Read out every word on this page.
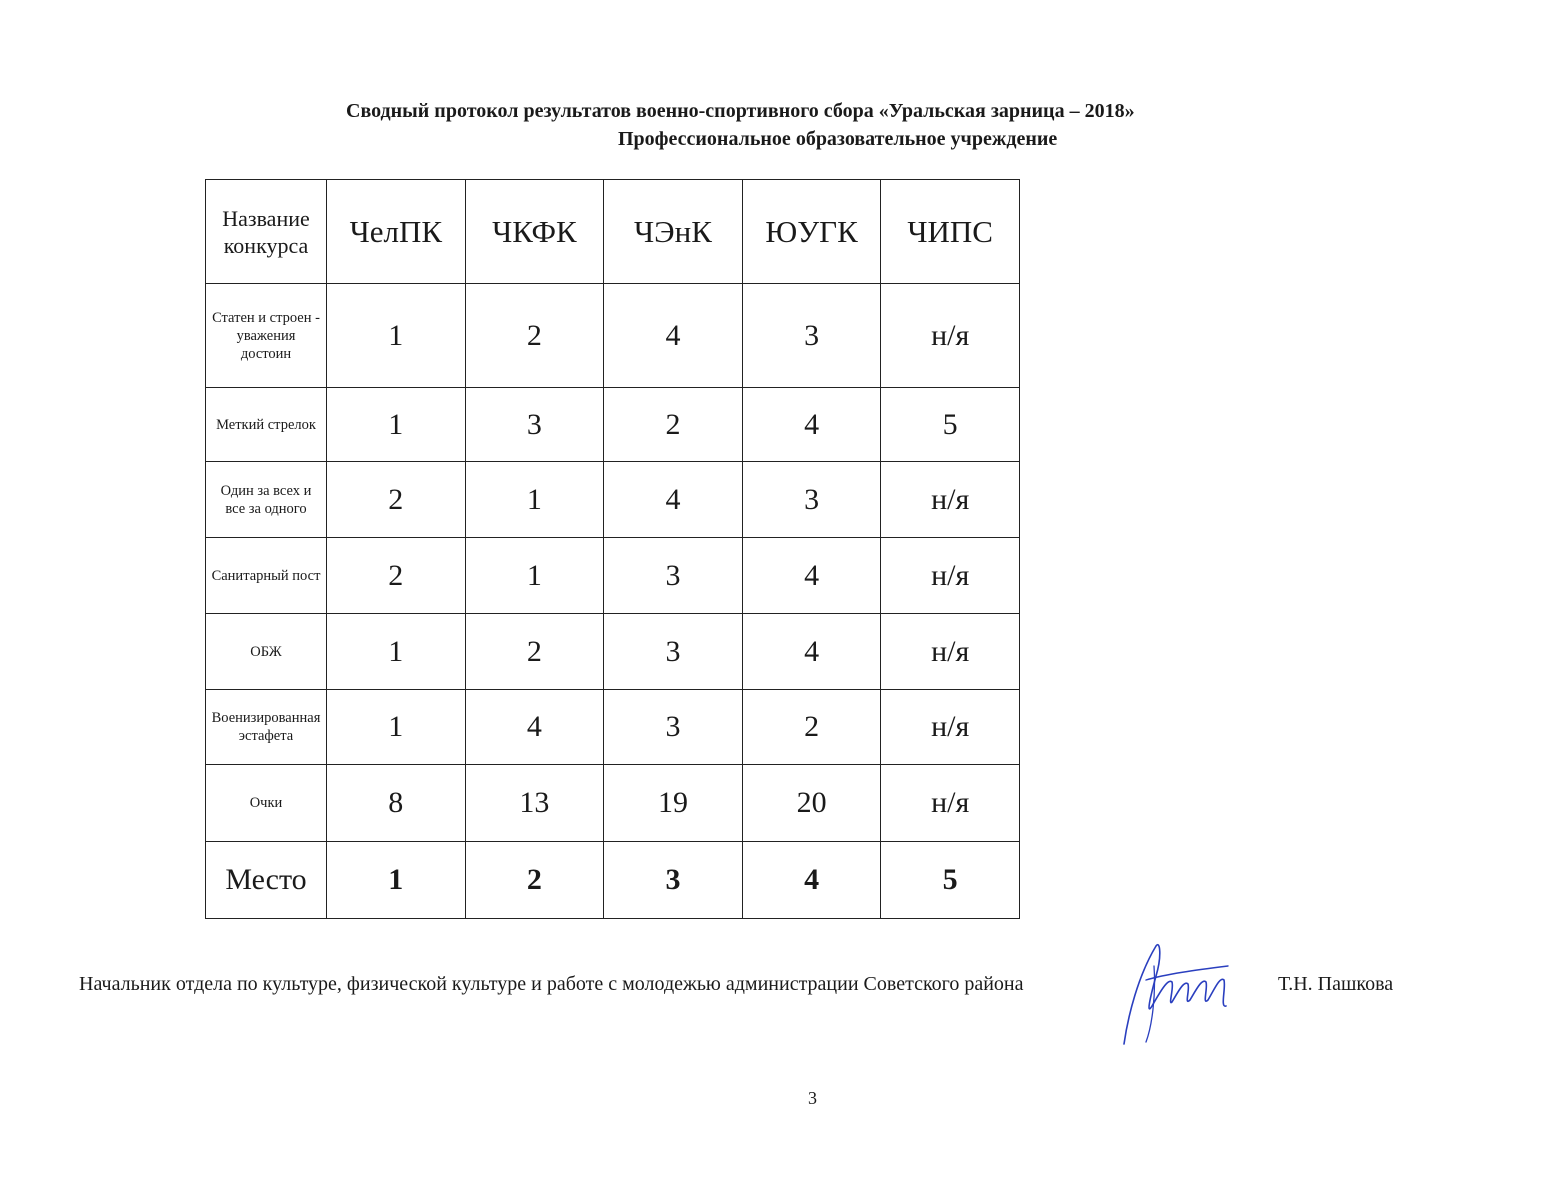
Сводный протокол результатов военно-спортивного сбора «Уральская зарница – 2018»
Профессиональное образовательное учреждение
Название конкурса	ЧелПК	ЧКФК	ЧЭнК	ЮУГК	ЧИПС
Статен и строен - уважения достоин	1	2	4	3	н/я
Меткий стрелок	1	3	2	4	5
Один за всех и все за одного	2	1	4	3	н/я
Санитарный пост	2	1	3	4	н/я
ОБЖ	1	2	3	4	н/я
Военизированная эстафета	1	4	3	2	н/я
Очки	8	13	19	20	н/я
Место	1	2	3	4	5
Начальник отдела по культуре, физической культуре и работе с молодежью администрации Советского района	Т.Н. Пашкова
3
